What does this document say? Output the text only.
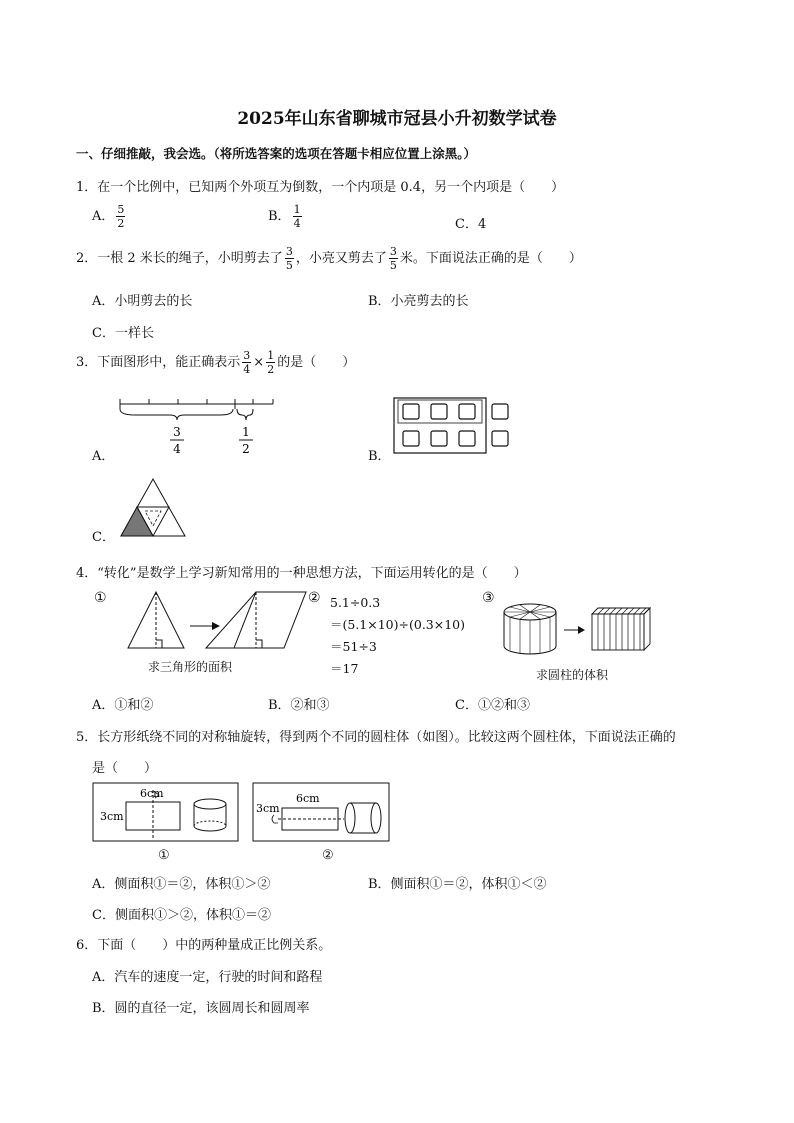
2025年山东省聊城市冠县小升初数学试卷
一、仔细推敲，我会选。（将所选答案的选项在答题卡相应位置上涂黑。）
1．在一个比例中，已知两个外项互为倒数，一个内项是 0.4，另一个内项是（　　）
A． $\frac{5}{2}$	B． $\frac{1}{4}$	C．4
2．一根 2 米长的绳子，小明剪去了 $\frac{3}{5}$ ，小亮又剪去了 $\frac{3}{5}$ 米。下面说法正确的是（　　）
A．小明剪去的长	B．小亮剪去的长
C．一样长
3．下面图形中，能正确表示 $\frac{3}{4} \times \frac{1}{2}$ 的是（　　）
A．
3
4
1
2	B．
C．
4．“转化”是数学上学习新知常用的一种思想方法，下面运用转化的是（　　）
①
求三角形的面积
② 5.1÷0.3
＝(5.1×10)÷(0.3×10)
＝51÷3
＝17
③
求圆柱的体积
A．①和②	B．②和③	C．①②和③
5．长方形纸绕不同的对称轴旋转，得到两个不同的圆柱体（如图）。比较这两个圆柱体，下面说法正确的
是（　　）
3cm
6cm
①
3cm
6cm
②
A．侧面积①＝②，体积①＞②	B．侧面积①＝②，体积①＜②
C．侧面积①＞②，体积①＝②
6．下面（　　）中的两种量成正比例关系。
A．汽车的速度一定，行驶的时间和路程
B．圆的直径一定，该圆周长和圆周率
